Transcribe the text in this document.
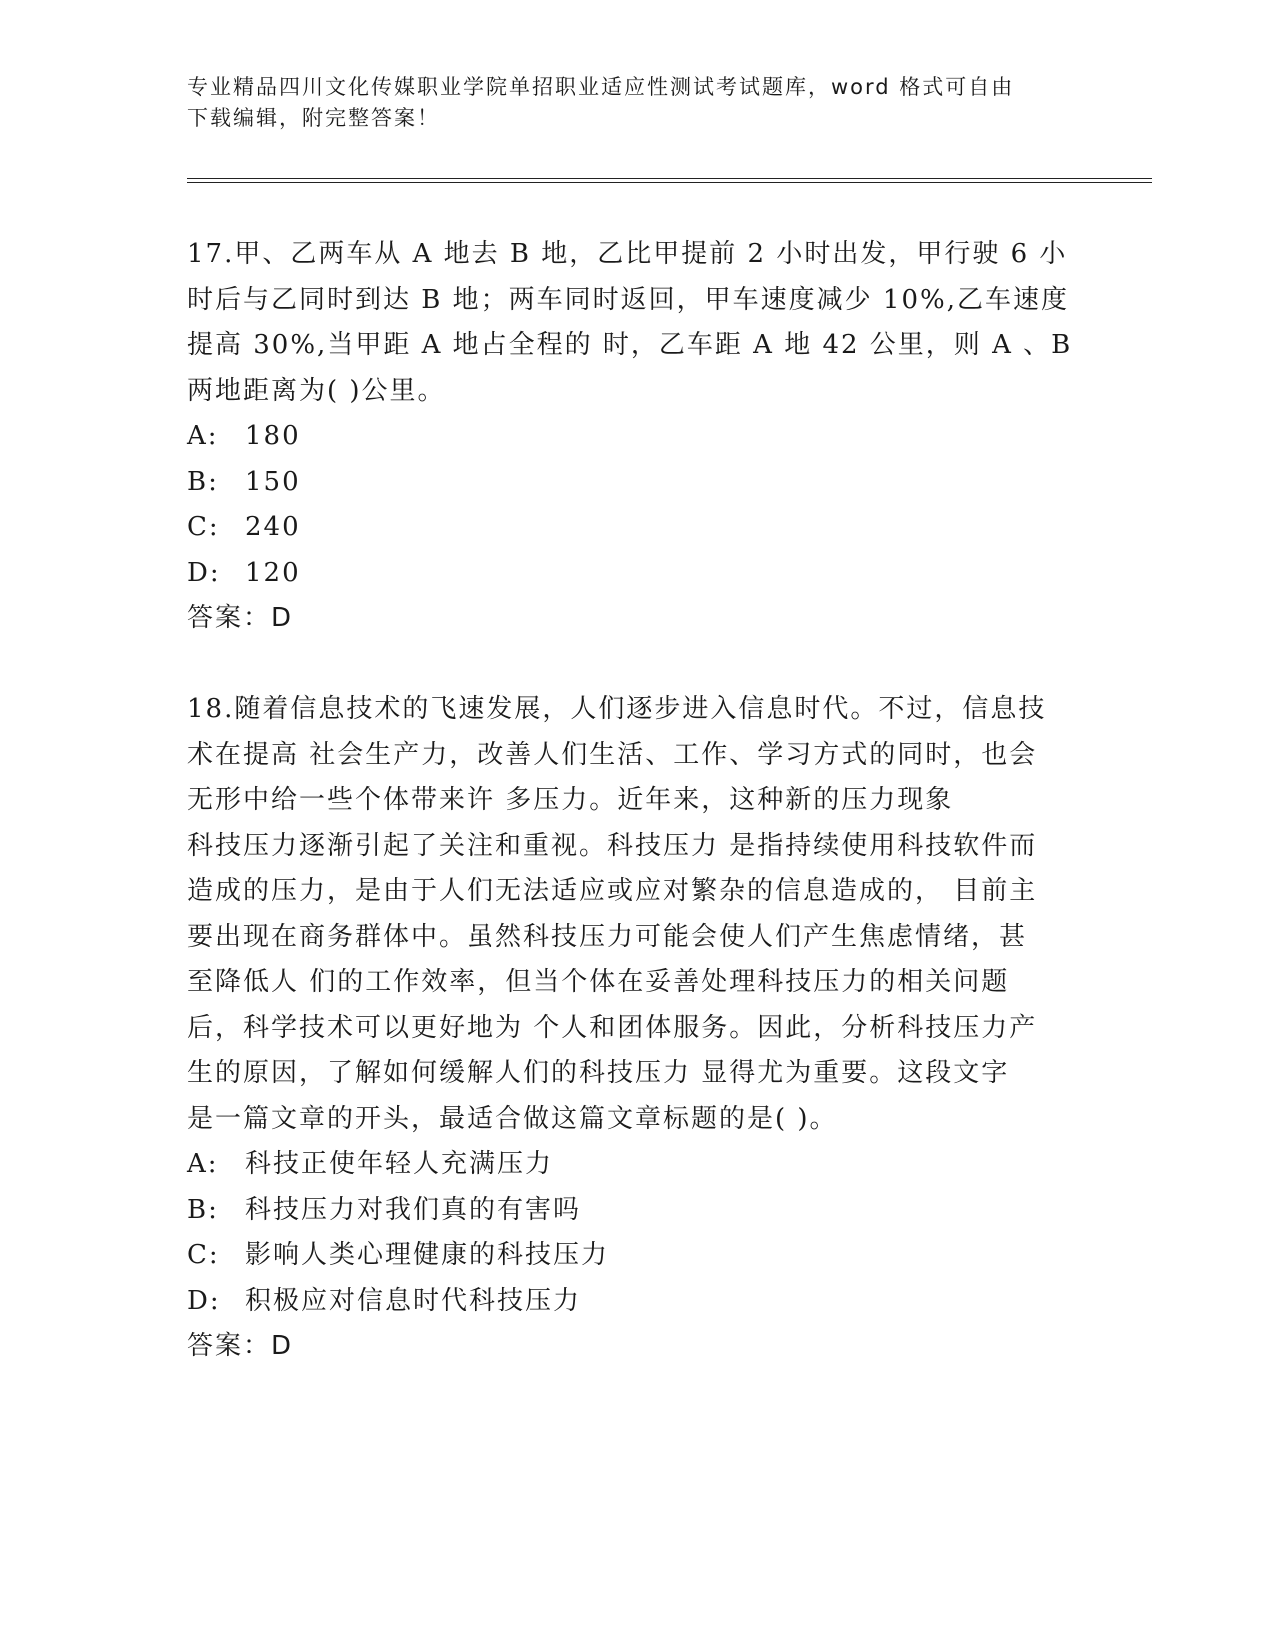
专业精品四川文化传媒职业学院单招职业适应性测试考试题库，word 格式可自由
下载编辑，附完整答案！
17.甲、乙两车从 A 地去 B 地，乙比甲提前 2 小时出发，甲行驶 6 小
时后与乙同时到达 B 地；两车同时返回，甲车速度减少 10%,乙车速度
提高 30%,当甲距 A 地占全程的 时，乙车距 A 地 42 公里，则 A 、B
两地距离为( )公里。
A: 180
B: 150
C: 240
D: 120
答案：D
18.随着信息技术的飞速发展，人们逐步进入信息时代。不过，信息技
术在提高 社会生产力，改善人们生活、工作、学习方式的同时，也会
无形中给一些个体带来许 多压力。近年来，这种新的压力现象
科技压力逐渐引起了关注和重视。科技压力 是指持续使用科技软件而
造成的压力，是由于人们无法适应或应对繁杂的信息造成的， 目前主
要出现在商务群体中。虽然科技压力可能会使人们产生焦虑情绪，甚
至降低人 们的工作效率，但当个体在妥善处理科技压力的相关问题
后，科学技术可以更好地为 个人和团体服务。因此，分析科技压力产
生的原因，了解如何缓解人们的科技压力 显得尤为重要。这段文字
是一篇文章的开头，最适合做这篇文章标题的是( )。
A: 科技正使年轻人充满压力
B: 科技压力对我们真的有害吗
C: 影响人类心理健康的科技压力
D: 积极应对信息时代科技压力
答案：D
